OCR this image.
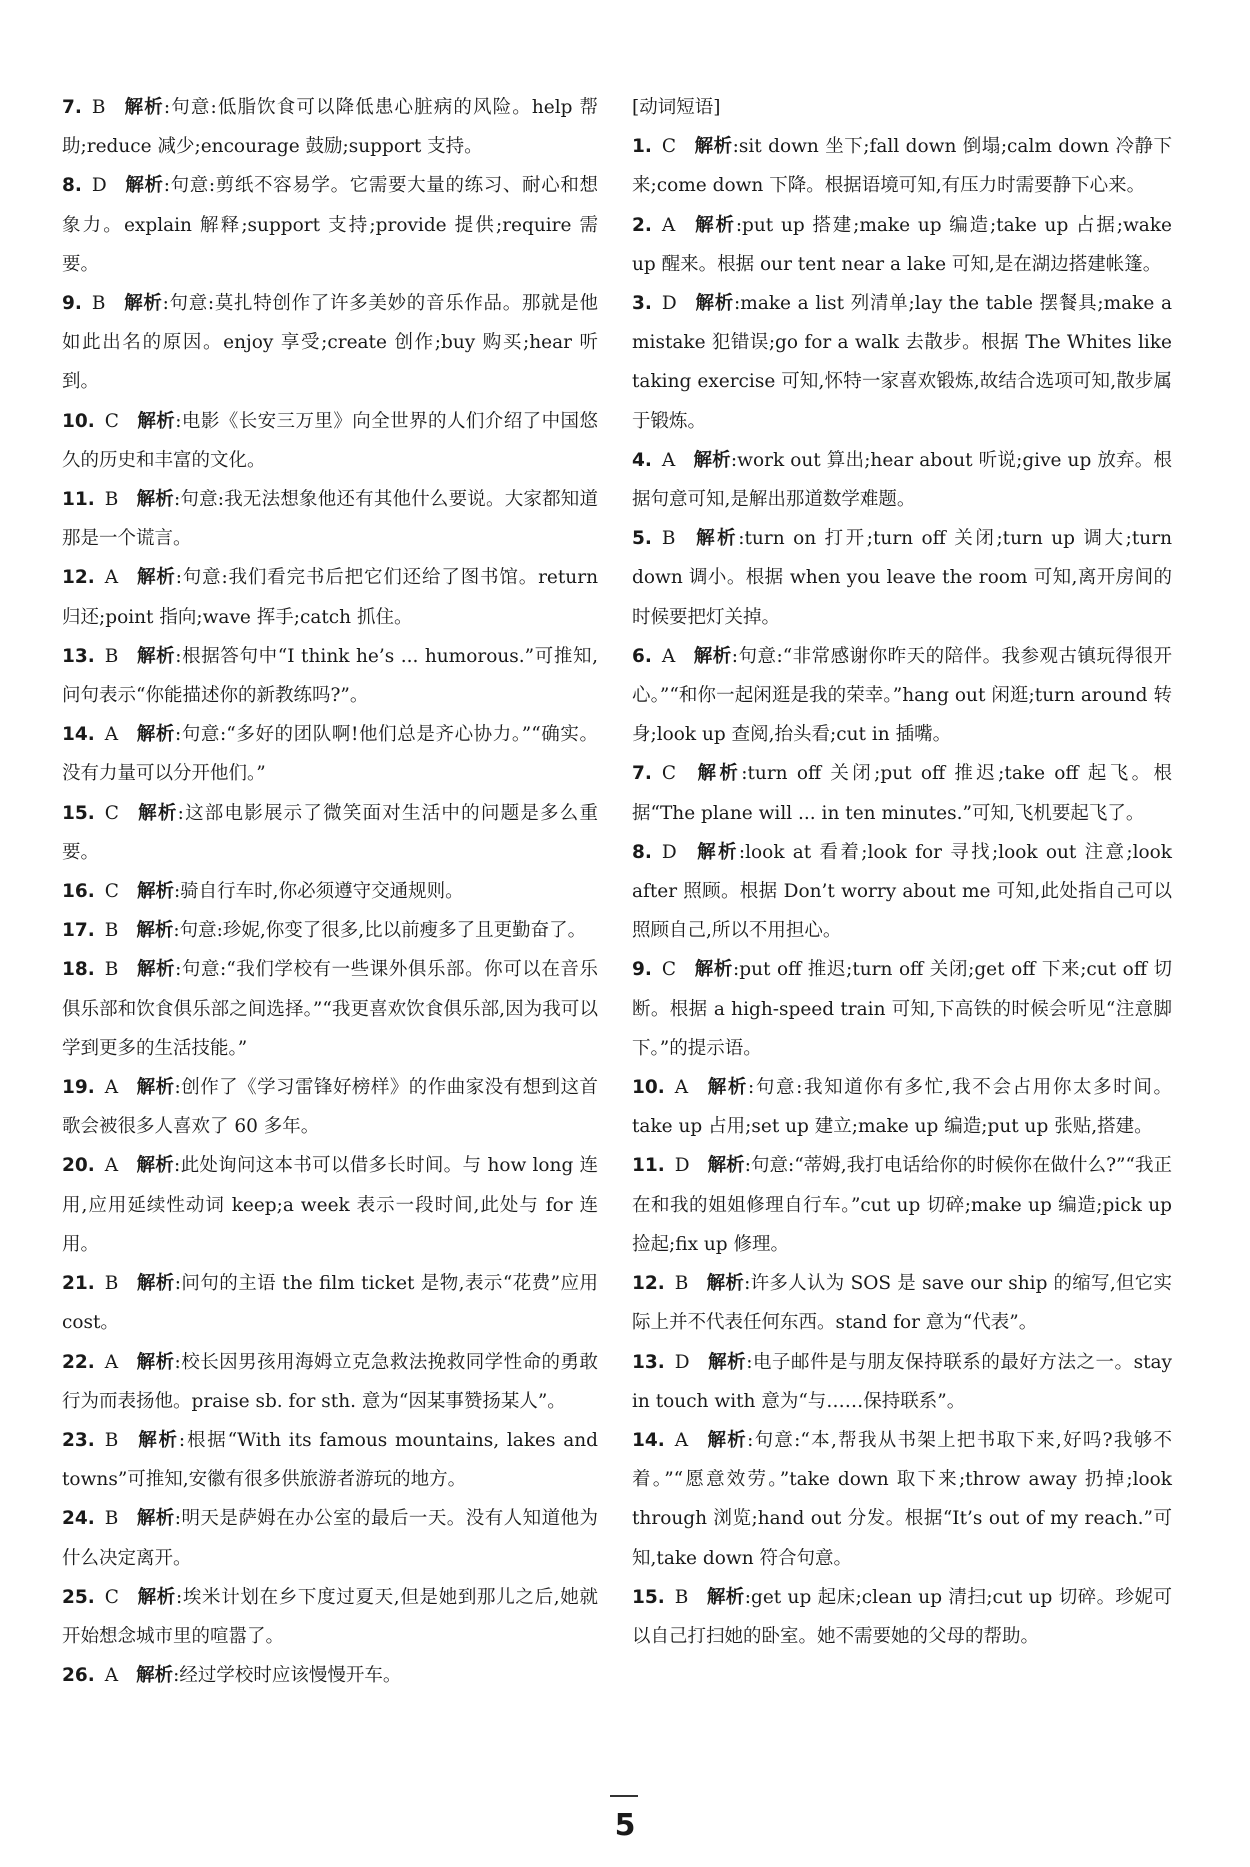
7. B 解析:句意:低脂饮食可以降低患心脏病的风险。help 帮助;reduce 减少;encourage 鼓励;support 支持。

8. D 解析:句意:剪纸不容易学。它需要大量的练习、耐心和想象力。explain 解释;support 支持;provide 提供;require 需要。

9. B 解析:句意:莫扎特创作了许多美妙的音乐作品。那就是他如此出名的原因。enjoy 享受;create 创作;buy 购买;hear 听到。

10. C 解析:电影《长安三万里》向全世界的人们介绍了中国悠久的历史和丰富的文化。

11. B 解析:句意:我无法想象他还有其他什么要说。大家都知道那是一个谎言。

12. A 解析:句意:我们看完书后把它们还给了图书馆。return 归还;point 指向;wave 挥手;catch 抓住。

13. B 解析:根据答句中“I think he’s ... humorous.”可推知,问句表示“你能描述你的新教练吗?”。

14. A 解析:句意:“多好的团队啊!他们总是齐心协力。”“确实。没有力量可以分开他们。”

15. C 解析:这部电影展示了微笑面对生活中的问题是多么重要。

16. C 解析:骑自行车时,你必须遵守交通规则。

17. B 解析:句意:珍妮,你变了很多,比以前瘦多了且更勤奋了。

18. B 解析:句意:“我们学校有一些课外俱乐部。你可以在音乐俱乐部和饮食俱乐部之间选择。”“我更喜欢饮食俱乐部,因为我可以学到更多的生活技能。”

19. A 解析:创作了《学习雷锋好榜样》的作曲家没有想到这首歌会被很多人喜欢了 60 多年。

20. A 解析:此处询问这本书可以借多长时间。与 how long 连用,应用延续性动词 keep;a week 表示一段时间,此处与 for 连用。

21. B 解析:问句的主语 the film ticket 是物,表示“花费”应用 cost。

22. A 解析:校长因男孩用海姆立克急救法挽救同学性命的勇敢行为而表扬他。praise sb. for sth. 意为“因某事赞扬某人”。

23. B 解析:根据“With its famous mountains, lakes and towns”可推知,安徽有很多供旅游者游玩的地方。

24. B 解析:明天是萨姆在办公室的最后一天。没有人知道他为什么决定离开。

25. C 解析:埃米计划在乡下度过夏天,但是她到那儿之后,她就开始想念城市里的喧嚣了。

26. A 解析:经过学校时应该慢慢开车。

[动词短语]

1. C 解析:sit down 坐下;fall down 倒塌;calm down 冷静下来;come down 下降。根据语境可知,有压力时需要静下心来。

2. A 解析:put up 搭建;make up 编造;take up 占据;wake up 醒来。根据 our tent near a lake 可知,是在湖边搭建帐篷。

3. D 解析:make a list 列清单;lay the table 摆餐具;make a mistake 犯错误;go for a walk 去散步。根据 The Whites like taking exercise 可知,怀特一家喜欢锻炼,故结合选项可知,散步属于锻炼。

4. A 解析:work out 算出;hear about 听说;give up 放弃。根据句意可知,是解出那道数学难题。

5. B 解析:turn on 打开;turn off 关闭;turn up 调大;turn down 调小。根据 when you leave the room 可知,离开房间的时候要把灯关掉。

6. A 解析:句意:“非常感谢你昨天的陪伴。我参观古镇玩得很开心。”“和你一起闲逛是我的荣幸。”hang out 闲逛;turn around 转身;look up 查阅,抬头看;cut in 插嘴。

7. C 解析:turn off 关闭;put off 推迟;take off 起飞。根据“The plane will ... in ten minutes.”可知,飞机要起飞了。

8. D 解析:look at 看着;look for 寻找;look out 注意;look after 照顾。根据 Don’t worry about me 可知,此处指自己可以照顾自己,所以不用担心。

9. C 解析:put off 推迟;turn off 关闭;get off 下来;cut off 切断。根据 a high-speed train 可知,下高铁的时候会听见“注意脚下。”的提示语。

10. A 解析:句意:我知道你有多忙,我不会占用你太多时间。take up 占用;set up 建立;make up 编造;put up 张贴,搭建。

11. D 解析:句意:“蒂姆,我打电话给你的时候你在做什么?”“我正在和我的姐姐修理自行车。”cut up 切碎;make up 编造;pick up 捡起;fix up 修理。

12. B 解析:许多人认为 SOS 是 save our ship 的缩写,但它实际上并不代表任何东西。stand for 意为“代表”。

13. D 解析:电子邮件是与朋友保持联系的最好方法之一。stay in touch with 意为“与……保持联系”。

14. A 解析:句意:“本,帮我从书架上把书取下来,好吗?我够不着。”“愿意效劳。”take down 取下来;throw away 扔掉;look through 浏览;hand out 分发。根据“It’s out of my reach.”可知,take down 符合句意。

15. B 解析:get up 起床;clean up 清扫;cut up 切碎。珍妮可以自己打扫她的卧室。她不需要她的父母的帮助。

5
